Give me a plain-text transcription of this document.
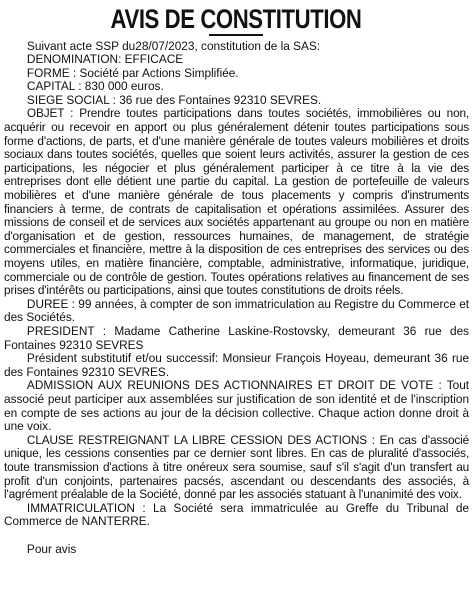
AVIS DE CONSTITUTION

Suivant acte SSP du28/07/2023, constitution de la SAS:

DENOMINATION: EFFICACE

FORME : Société par Actions Simplifiée.

CAPITAL : 830 000 euros.

SIEGE SOCIAL : 36 rue des Fontaines 92310 SEVRES.

OBJET : Prendre toutes participations dans toutes sociétés, immobilières ou non, acquérir ou recevoir en apport ou plus généralement détenir toutes participations sous forme d'actions, de parts, et d'une manière générale de toutes valeurs mobilières et droits sociaux dans toutes sociétés, quelles que soient leurs activités, assurer la gestion de ces participations, les négocier et plus généralement participer à ce titre à la vie des entreprises dont elle détient une partie du capital. La gestion de portefeuille de valeurs mobilières et d'une manière générale de tous placements y compris d'instruments financiers à terme, de contrats de capitalisation et opérations assimilées. Assurer des missions de conseil et de services aux sociétés appartenant au groupe ou non en matière d'organisation et de gestion, ressources humaines, de management, de stratégie commerciales et financière, mettre à la disposition de ces entreprises des services ou des moyens utiles, en matière financière, comptable, administrative, informatique, juridique, commerciale ou de contrôle de gestion. Toutes opérations relatives au financement de ses prises d'intérêts ou participations, ainsi que toutes constitutions de droits réels.

DUREE : 99 années, à compter de son immatriculation au Registre du Commerce et des Sociétés.

PRESIDENT : Madame Catherine Laskine-Rostovsky, demeurant 36 rue des Fontaines 92310 SEVRES

Président substitutif et/ou successif: Monsieur François Hoyeau, demeurant 36 rue des Fontaines 92310 SEVRES.

ADMISSION AUX REUNIONS DES ACTIONNAIRES ET DROIT DE VOTE : Tout associé peut participer aux assemblées sur justification de son identité et de l'inscription en compte de ses actions au jour de la décision collective. Chaque action donne droit à une voix.

CLAUSE RESTREIGNANT LA LIBRE CESSION DES ACTIONS : En cas d'associé unique, les cessions consenties par ce dernier sont libres. En cas de pluralité d'associés, toute transmission d'actions à titre onéreux sera soumise, sauf s'il s'agit d'un transfert au profit d'un conjoints, partenaires pacsés, ascendant ou descendants des associés, à l'agrément préalable de la Société, donné par les associés statuant à l'unanimité des voix.

IMMATRICULATION : La Société sera immatriculée au Greffe du Tribunal de Commerce de NANTERRE.

Pour avis
